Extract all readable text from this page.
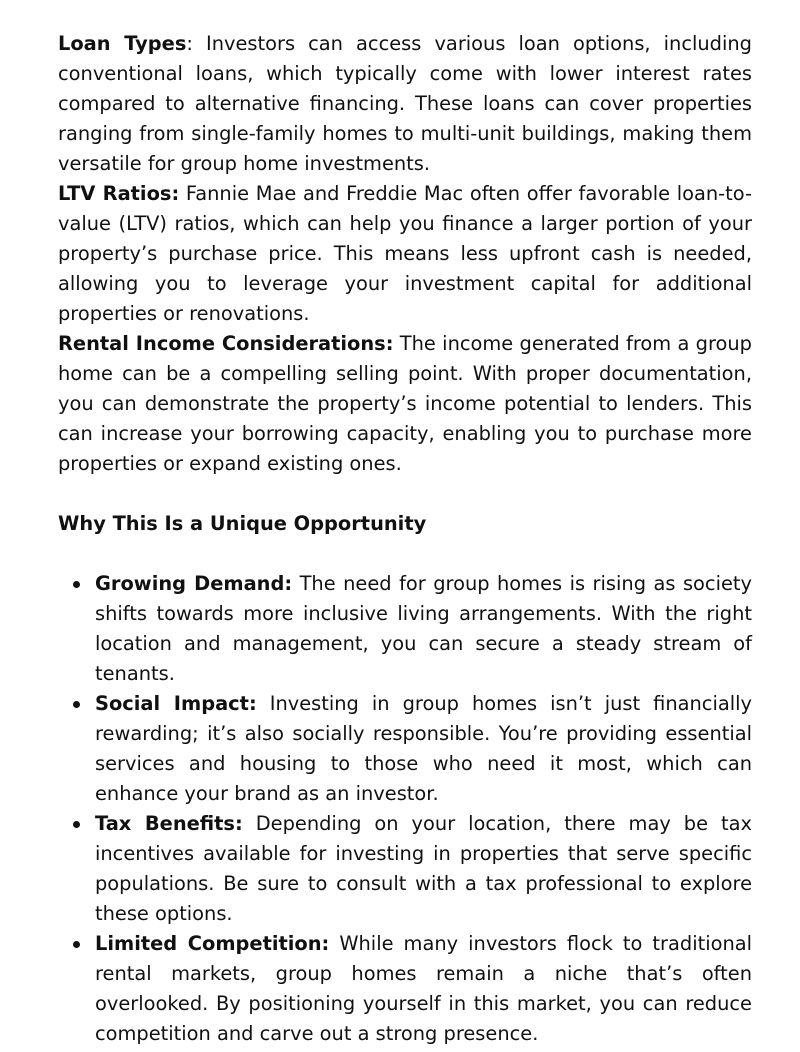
Loan Types: Investors can access various loan options, including conventional loans, which typically come with lower interest rates compared to alternative financing. These loans can cover properties ranging from single-family homes to multi-unit buildings, making them versatile for group home investments.

LTV Ratios: Fannie Mae and Freddie Mac often offer favorable loan-to-value (LTV) ratios, which can help you finance a larger portion of your property’s purchase price. This means less upfront cash is needed, allowing you to leverage your investment capital for additional properties or renovations.

Rental Income Considerations: The income generated from a group home can be a compelling selling point. With proper documentation, you can demonstrate the property’s income potential to lenders. This can increase your borrowing capacity, enabling you to purchase more properties or expand existing ones.

Why This Is a Unique Opportunity
Growing Demand: The need for group homes is rising as society shifts towards more inclusive living arrangements. With the right location and management, you can secure a steady stream of tenants.
Social Impact: Investing in group homes isn’t just financially rewarding; it’s also socially responsible. You’re providing essential services and housing to those who need it most, which can enhance your brand as an investor.
Tax Benefits: Depending on your location, there may be tax incentives available for investing in properties that serve specific populations. Be sure to consult with a tax professional to explore these options.
Limited Competition: While many investors flock to traditional rental markets, group homes remain a niche that’s often overlooked. By positioning yourself in this market, you can reduce competition and carve out a strong presence.
